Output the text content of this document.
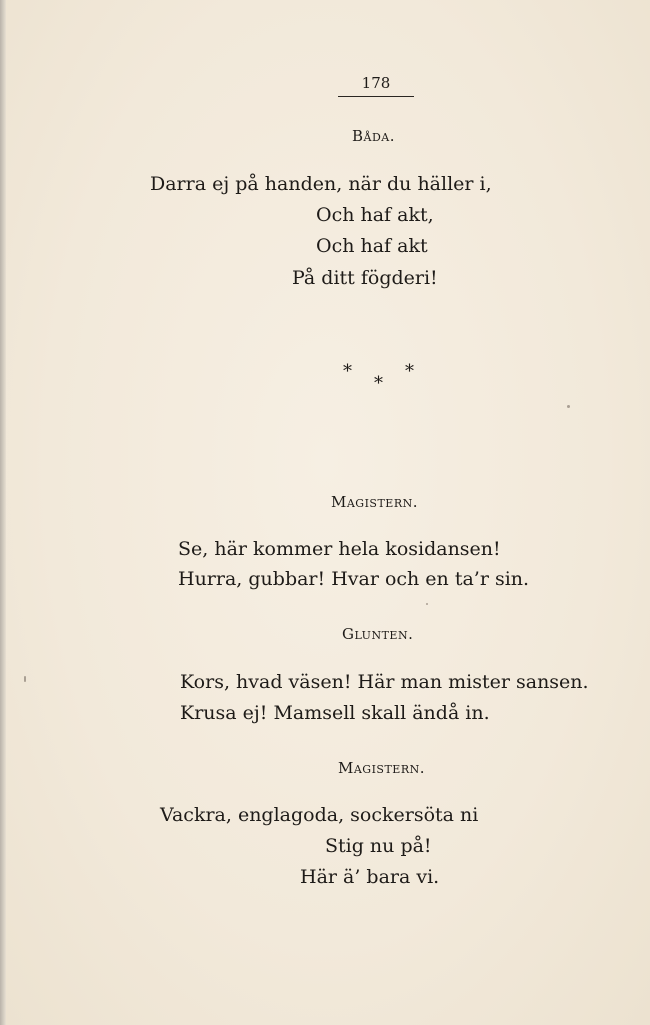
178
Båda.
Darra ej på handen, när du häller i,
Och haf akt,
Och haf akt
På ditt fögderi!
*	*
*
Magistern.
Se, här kommer hela kosidansen!
Hurra, gubbar! Hvar och en ta’r sin.
Glunten.
Kors, hvad väsen! Här man mister sansen.
Krusa ej! Mamsell skall ändå in.
Magistern.
Vackra, englagoda, sockersöta ni
Stig nu på!
Här ä’ bara vi.
